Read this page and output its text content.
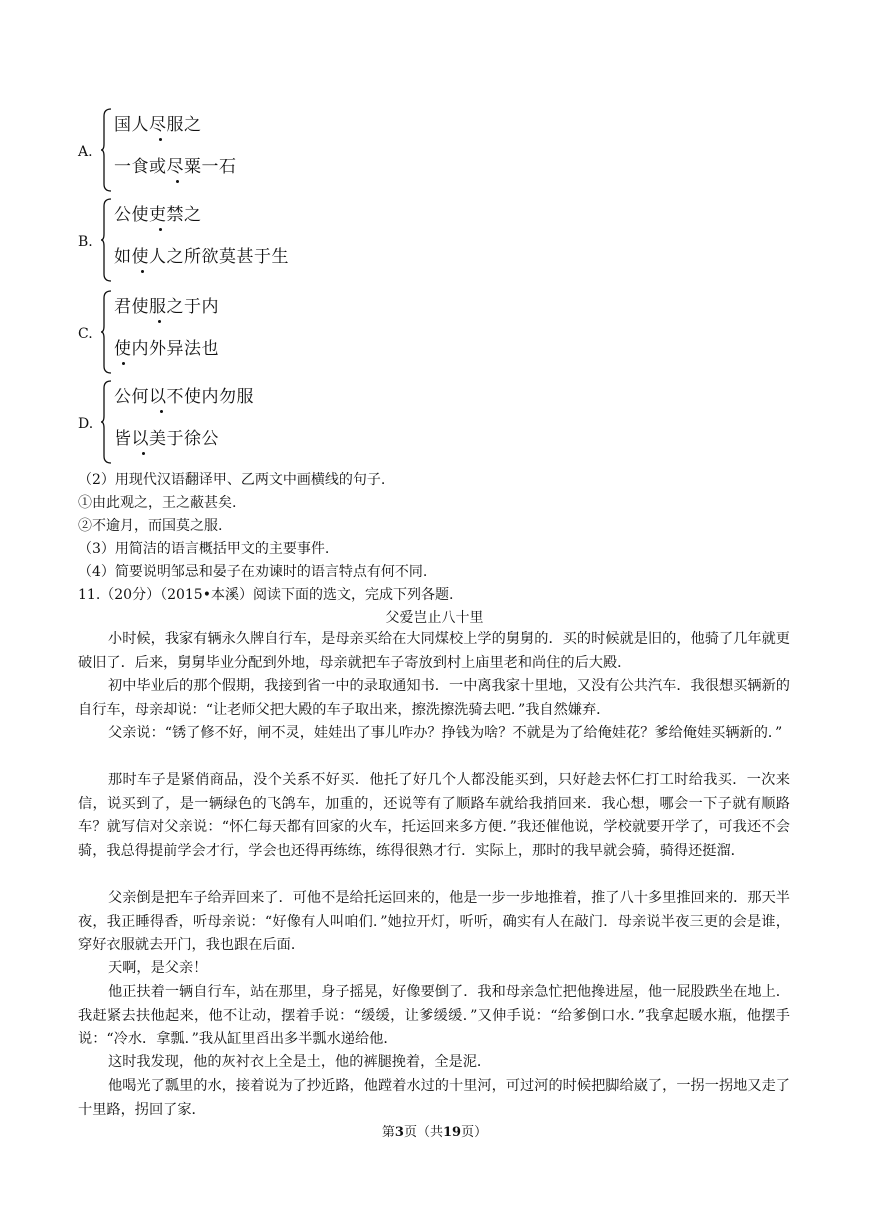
A.
国人尽服之
一食或尽粟一石
B.
公使吏禁之
如使人之所欲莫甚于生
C.
君使服之于内
使内外异法也
D.
公何以不使内勿服
皆以美于徐公
（2）用现代汉语翻译甲、乙两文中画横线的句子.
①由此观之，王之蔽甚矣.
②不逾月，而国莫之服.
（3）用简洁的语言概括甲文的主要事件.
（4）简要说明邹忌和晏子在劝谏时的语言特点有何不同.
11.（20分）（2015•本溪）阅读下面的选文，完成下列各题.
父爱岂止八十里
小时候，我家有辆永久牌自行车，是母亲买给在大同煤校上学的舅舅的．买的时候就是旧的，他骑了几年就更破旧了．后来，舅舅毕业分配到外地，母亲就把车子寄放到村上庙里老和尚住的后大殿．
初中毕业后的那个假期，我接到省一中的录取通知书．一中离我家十里地，又没有公共汽车．我很想买辆新的自行车，母亲却说：“让老师父把大殿的车子取出来，擦洗擦洗骑去吧．”我自然嫌弃．
父亲说：“锈了修不好，闸不灵，娃娃出了事儿咋办？挣钱为啥？不就是为了给俺娃花？爹给俺娃买辆新的．”
那时车子是紧俏商品，没个关系不好买．他托了好几个人都没能买到，只好趁去怀仁打工时给我买．一次来信，说买到了，是一辆绿色的飞鸽车，加重的，还说等有了顺路车就给我捎回来．我心想，哪会一下子就有顺路车？就写信对父亲说：“怀仁每天都有回家的火车，托运回来多方便．”我还催他说，学校就要开学了，可我还不会骑，我总得提前学会才行，学会也还得再练练，练得很熟才行．实际上，那时的我早就会骑，骑得还挺溜．
父亲倒是把车子给弄回来了．可他不是给托运回来的，他是一步一步地推着，推了八十多里推回来的．那天半夜，我正睡得香，听母亲说：“好像有人叫咱们．”她拉开灯，听听，确实有人在敲门．母亲说半夜三更的会是谁，穿好衣服就去开门，我也跟在后面．
天啊，是父亲！
他正扶着一辆自行车，站在那里，身子摇晃，好像要倒了．我和母亲急忙把他搀进屋，他一屁股跌坐在地上．我赶紧去扶他起来，他不让动，摆着手说：“缓缓，让爹缓缓．”又伸手说：“给爹倒口水．”我拿起暖水瓶，他摆手说：“冷水．拿瓢．”我从缸里舀出多半瓢水递给他．
这时我发现，他的灰衬衣上全是土，他的裤腿挽着，全是泥．
他喝光了瓢里的水，接着说为了抄近路，他蹚着水过的十里河，可过河的时候把脚给崴了，一拐一拐地又走了十里路，拐回了家．
第3页（共19页）
